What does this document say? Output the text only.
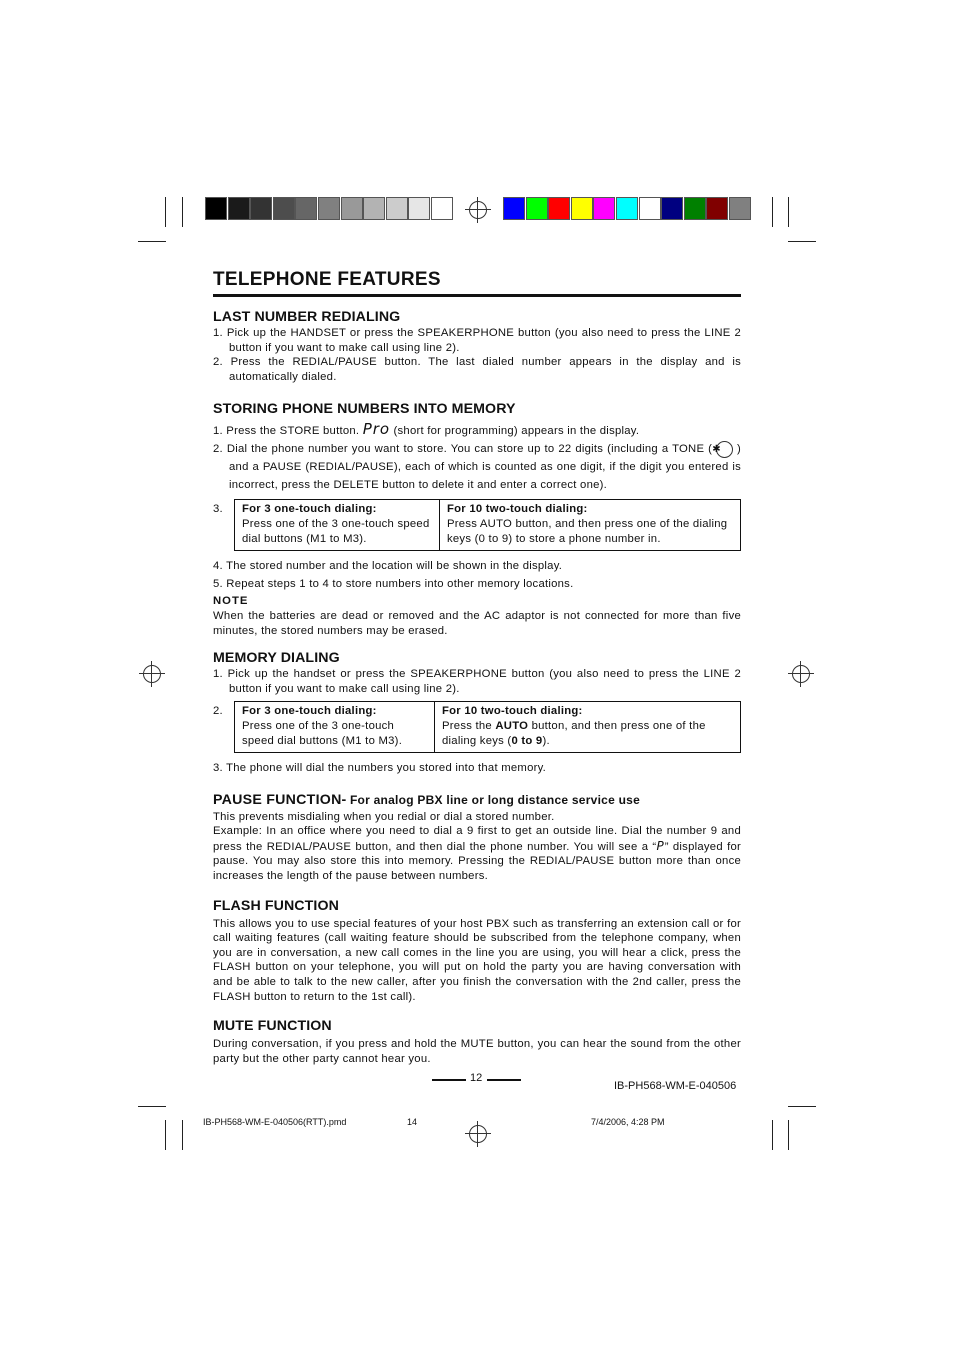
TELEPHONE FEATURES
LAST NUMBER REDIALING
1. Pick up the HANDSET or press the SPEAKERPHONE button (you also need to press the LINE 2 button if you want to make call using line 2).
2. Press the REDIAL/PAUSE button. The last dialed number appears in the display and is automatically dialed.
STORING PHONE NUMBERS INTO MEMORY
1. Press the STORE button. Pro (short for programming) appears in the display.
2. Dial the phone number you want to store. You can store up to 22 digits (including a TONE ( ✱ ) and a PAUSE (REDIAL/PAUSE), each of which is counted as one digit, if the digit you entered is incorrect, press the DELETE button to delete it and enter a correct one).
3.	For 3 one-touch dialing:
Press one of the 3 one-touch speed dial buttons (M1 to M3).

For 10 two-touch dialing:
Press AUTO button, and then press one of the dialing keys (0 to 9) to store a phone number in.
4. The stored number and the location will be shown in the display.
5. Repeat steps 1 to 4 to store numbers into other memory locations.
NOTE

When the batteries are dead or removed and the AC adaptor is not connected for more than five minutes, the stored numbers may be erased.

MEMORY DIALING
1. Pick up the handset or press the SPEAKERPHONE button (you also need to press the LINE 2 button if you want to make call using line 2).
2.	For 3 one-touch dialing:
Press one of the 3 one-touch speed dial buttons (M1 to M3).

For 10 two-touch dialing:
Press the AUTO button, and then press one of the dialing keys (0 to 9).
3. The phone will dial the numbers you stored into that memory.
PAUSE FUNCTION- For analog PBX line or long distance service use

This prevents misdialing when you redial or dial a stored number.

Example: In an office where you need to dial a 9 first to get an outside line. Dial the number 9 and press the REDIAL/PAUSE button, and then dial the phone number. You will see a “P” displayed for pause. You may also store this into memory. Pressing the REDIAL/PAUSE button more than once increases the length of the pause between numbers.

FLASH FUNCTION

This allows you to use special features of your host PBX such as transferring an extension call or for call waiting features (call waiting feature should be subscribed from the telephone company, when you are in conversation, a new call comes in the line you are using, you will hear a click, press the FLASH button on your telephone, you will put on hold the party you are having conversation with and be able to talk to the new caller, after you finish the conversation with the 2nd caller, press the FLASH button to return to the 1st call).

MUTE FUNCTION

During conversation, if you press and hold the MUTE button, you can hear the sound from the other party but the other party cannot hear you.

12
IB-PH568-WM-E-040506
IB-PH568-WM-E-040506(RTT).pmd	14	7/4/2006, 4:28 PM
